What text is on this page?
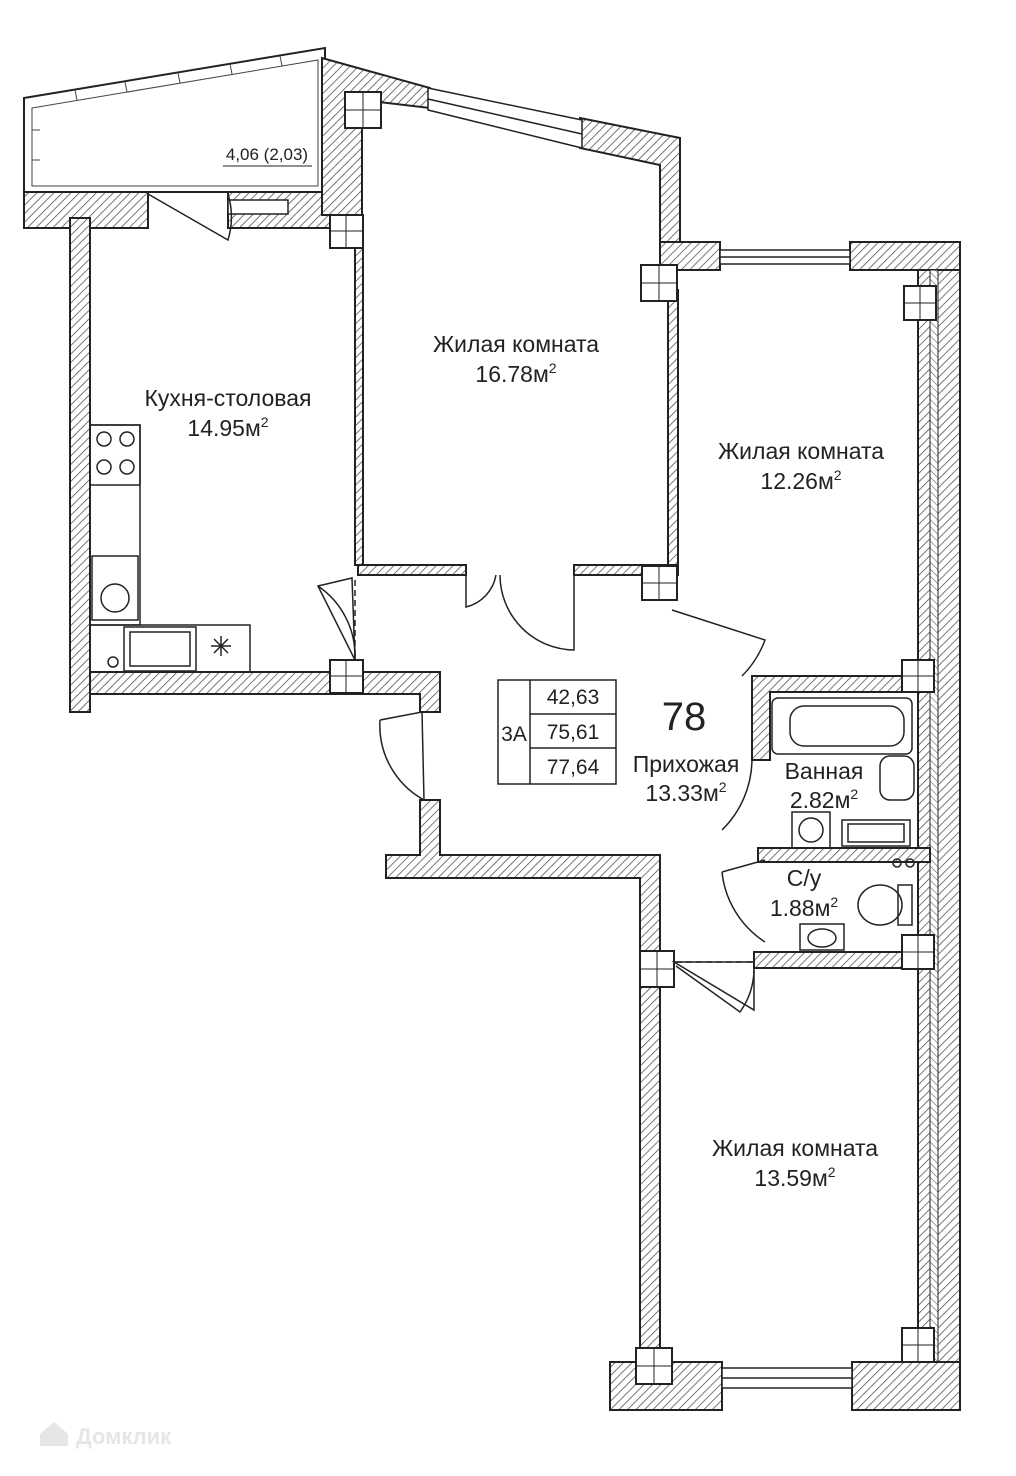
4,06 (2,03)
3A
42,63
75,61
77,64
78
Кухня-столовая
$14.95м^2$
Жилая комната
$16.78м^2$
Жилая комната
$12.26м^2$
Прихожая
$13.33м^2$
Ванная
$2.82м^2$
С/у
$1.88м^2$
Жилая комната
$13.59м^2$
Домклик
